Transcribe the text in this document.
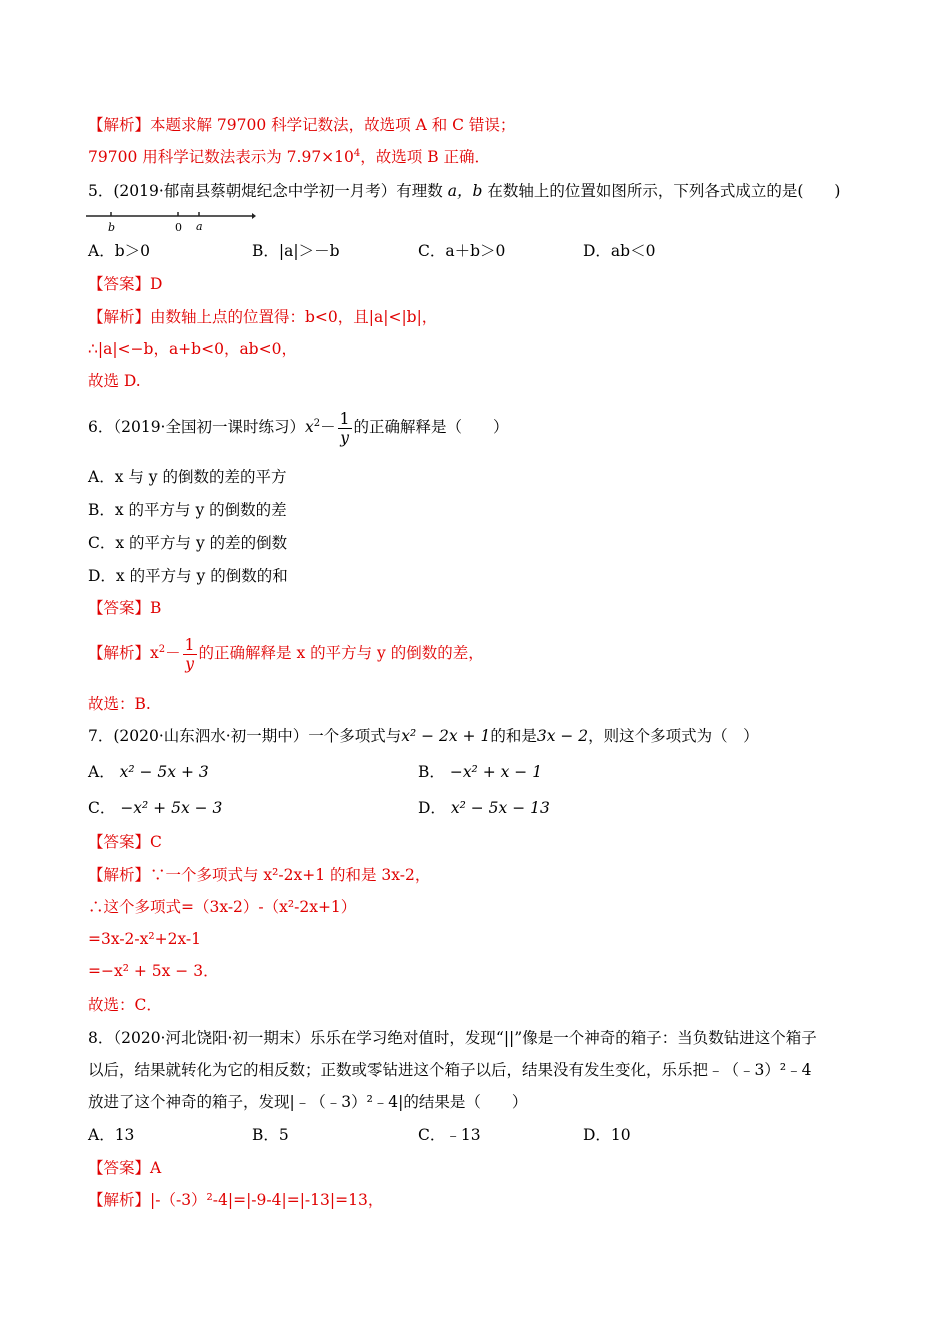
【解析】本题求解 79700 科学记数法，故选项 A 和 C 错误；
79700 用科学记数法表示为 $7.97\times 10^4$，故选项 B 正确．
5．(2019·郁南县蔡朝焜纪念中学初一月考）有理数 a，b 在数轴上的位置如图所示，下列各式成立的是(　　)
b	0 a
A．b＞0	B．|a|＞－b	C．a＋b＞0	D．ab＜0
【答案】D
【解析】由数轴上点的位置得：b<0，且|a|<|b|，
∴|a|<−b，a+b<0，ab<0，
故选 D.
6．（2019·全国初一课时练习）$x^2- \frac{1}{y}$ 的正确解释是（　　）
A．x 与 y 的倒数的差的平方
B．x 的平方与 y 的倒数的差
C．x 的平方与 y 的差的倒数
D．x 的平方与 y 的倒数的和
【答案】B
【解析】$x^2- \frac{1}{y}$ 的正确解释是 x 的平方与 y 的倒数的差，
故选：B.
7．(2020·山东泗水·初一期中）一个多项式与x² − 2x + 1的和是3x − 2，则这个多项式为（　）
A． x² − 5x + 3	B． −x² + x − 1
C． −x² + 5x − 3	D． x² − 5x − 13
【答案】C
【解析】∵一个多项式与 x²-2x+1 的和是 3x-2，
∴这个多项式=（3x-2）-（x²-2x+1）
=3x-2-x²+2x-1
=−x² + 5x − 3．
故选：C．
8．（2020·河北饶阳·初一期末）乐乐在学习绝对值时，发现“||”像是一个神奇的箱子：当负数钻进这个箱子
以后，结果就转化为它的相反数；正数或零钻进这个箱子以后，结果没有发生变化，乐乐把﹣（﹣3）²﹣4
放进了这个神奇的箱子，发现|﹣（﹣3）²﹣4|的结果是（　　）
A．13	B．5	C．﹣13	D．10
【答案】A
【解析】|-（-3）²-4|=|-9-4|=|-13|=13，
